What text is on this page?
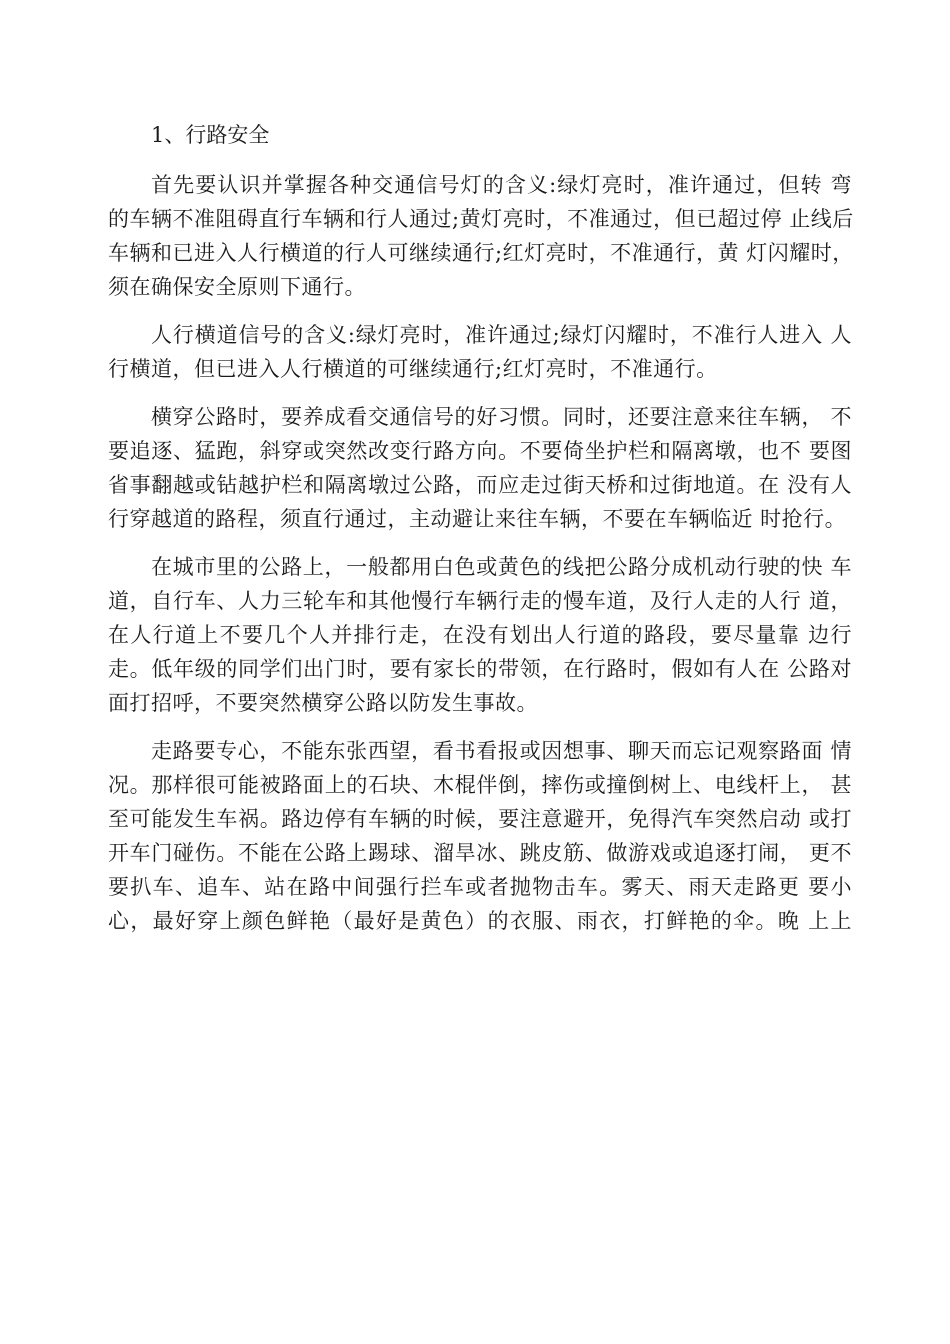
1、行路安全
首先要认识并掌握各种交通信号灯的含义:绿灯亮时，准许通过，但转 弯
的车辆不准阻碍直行车辆和行人通过;黄灯亮时，不准通过，但已超过停 止线后
车辆和已进入人行横道的行人可继续通行;红灯亮时，不准通行，黄 灯闪耀时，
须在确保安全原则下通行。
人行横道信号的含义:绿灯亮时，准许通过;绿灯闪耀时，不准行人进入 人
行横道，但已进入人行横道的可继续通行;红灯亮时，不准通行。
横穿公路时，要养成看交通信号的好习惯。同时，还要注意来往车辆， 不
要追逐、猛跑，斜穿或突然改变行路方向。不要倚坐护栏和隔离墩，也不 要图
省事翻越或钻越护栏和隔离墩过公路，而应走过街天桥和过街地道。在 没有人
行穿越道的路程，须直行通过，主动避让来往车辆，不要在车辆临近 时抢行。
在城市里的公路上，一般都用白色或黄色的线把公路分成机动行驶的快 车
道，自行车、人力三轮车和其他慢行车辆行走的慢车道，及行人走的人行 道，
在人行道上不要几个人并排行走，在没有划出人行道的路段，要尽量靠 边行
走。低年级的同学们出门时，要有家长的带领，在行路时，假如有人在 公路对
面打招呼，不要突然横穿公路以防发生事故。
走路要专心，不能东张西望，看书看报或因想事、聊天而忘记观察路面 情
况。那样很可能被路面上的石块、木棍伴倒，摔伤或撞倒树上、电线杆上， 甚
至可能发生车祸。路边停有车辆的时候，要注意避开，免得汽车突然启动 或打
开车门碰伤。不能在公路上踢球、溜旱冰、跳皮筋、做游戏或追逐打闹， 更不
要扒车、追车、站在路中间强行拦车或者抛物击车。雾天、雨天走路更 要小
心，最好穿上颜色鲜艳（最好是黄色）的衣服、雨衣，打鲜艳的伞。晚 上上
